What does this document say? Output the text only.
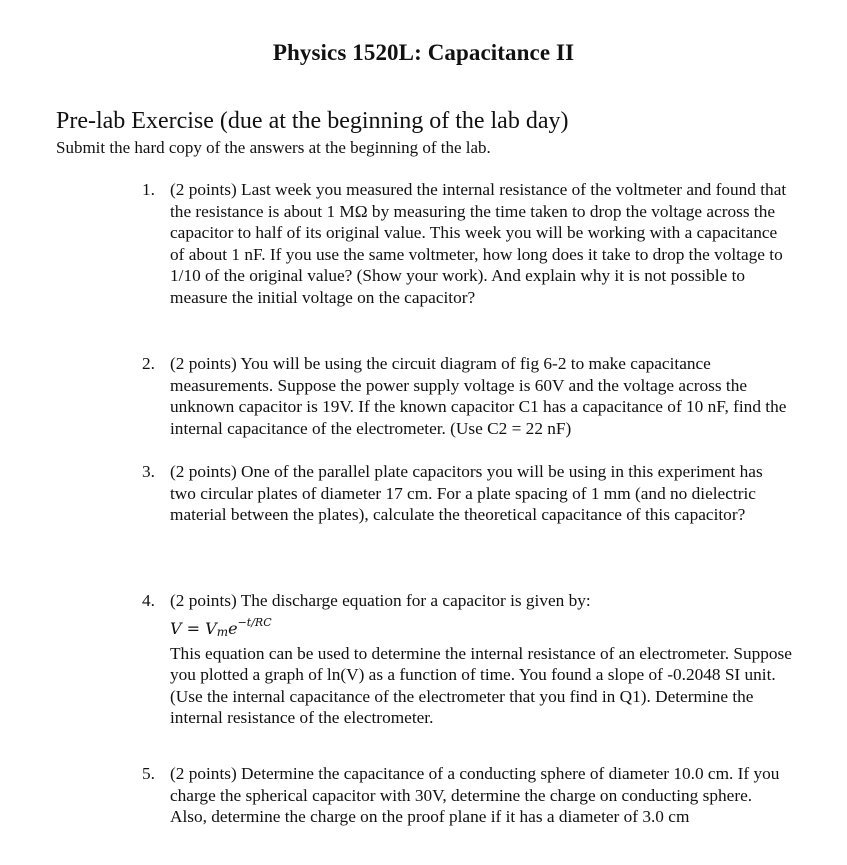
Physics 1520L: Capacitance II
Pre-lab Exercise (due at the beginning of the lab day)
Submit the hard copy of the answers at the beginning of the lab.
1. (2 points) Last week you measured the internal resistance of the voltmeter and found that the resistance is about 1 MΩ by measuring the time taken to drop the voltage across the capacitor to half of its original value. This week you will be working with a capacitance of about 1 nF. If you use the same voltmeter, how long does it take to drop the voltage to 1/10 of the original value? (Show your work). And explain why it is not possible to measure the initial voltage on the capacitor?

2. (2 points) You will be using the circuit diagram of fig 6-2 to make capacitance measurements. Suppose the power supply voltage is 60V and the voltage across the unknown capacitor is 19V. If the known capacitor C1 has a capacitance of 10 nF, find the internal capacitance of the electrometer. (Use C2 = 22 nF)

3. (2 points) One of the parallel plate capacitors you will be using in this experiment has two circular plates of diameter 17 cm. For a plate spacing of 1 mm (and no dielectric material between the plates), calculate the theoretical capacitance of this capacitor?

4. (2 points) The discharge equation for a capacitor is given by:

$V = V_me^{-t/RC}$

This equation can be used to determine the internal resistance of an electrometer. Suppose you plotted a graph of ln(V) as a function of time. You found a slope of -0.2048 SI unit. (Use the internal capacitance of the electrometer that you find in Q1). Determine the internal resistance of the electrometer.

5. (2 points) Determine the capacitance of a conducting sphere of diameter 10.0 cm. If you charge the spherical capacitor with 30V, determine the charge on conducting sphere. Also, determine the charge on the proof plane if it has a diameter of 3.0 cm
